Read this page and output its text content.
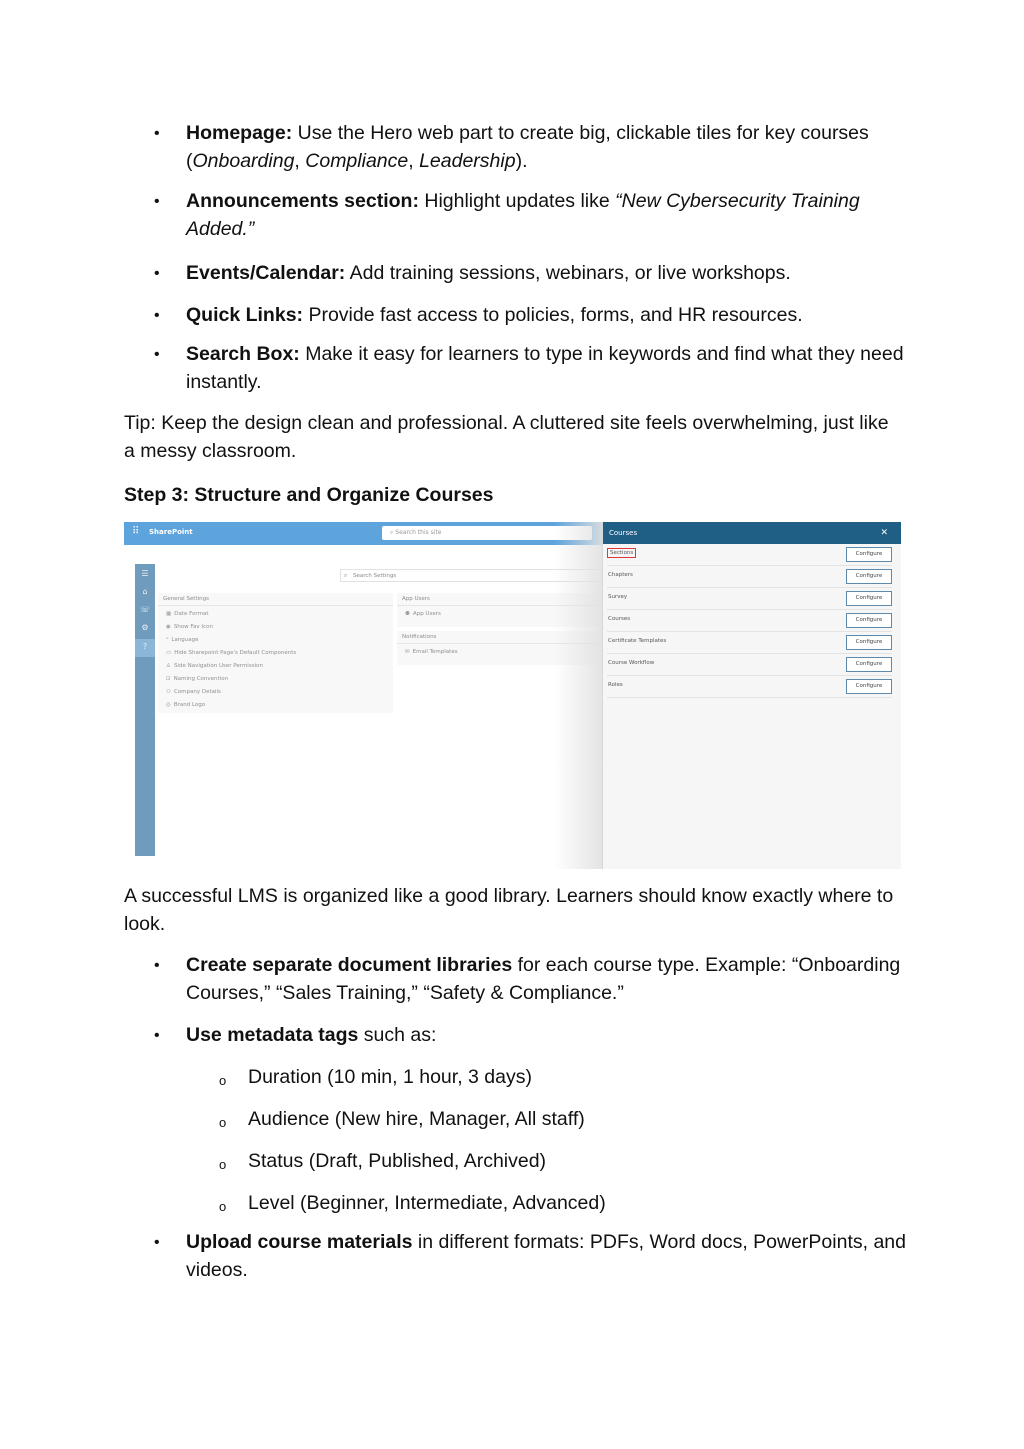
• Homepage: Use the Hero web part to create big, clickable tiles for key courses (Onboarding, Compliance, Leadership).
• Announcements section: Highlight updates like “New Cybersecurity Training Added.”
• Events/Calendar: Add training sessions, webinars, or live workshops.
• Quick Links: Provide fast access to policies, forms, and HR resources.
• Search Box: Make it easy for learners to type in keywords and find what they need instantly.
Tip: Keep the design clean and professional. A cluttered site feels overwhelming, just like a messy classroom.
Step 3: Structure and Organize Courses
⠿ SharePoint	⌕ Search this site
☰
⌂
☏
⚙
?
⌕ Search Settings
General Settings
▦ Date Format
◉ Show Fav Icon
ᴬ Language
▭ Hide Sharepoint Page's Default Components
♙ Side Navigation User Permission
⊡ Naming Convention
⚇ Company Details
◎ Brand Logo
App Users
⚉ App Users
Notifications
✉ Email Templates
Courses	✕
Sections	Configure
Chapters	Configure
Survey	Configure
Courses	Configure
Certificate Templates	Configure
Course Workflow	Configure
Roles	Configure
A successful LMS is organized like a good library. Learners should know exactly where to look.
• Create separate document libraries for each course type. Example: “Onboarding Courses,” “Sales Training,” “Safety & Compliance.”
• Use metadata tags such as:
o Duration (10 min, 1 hour, 3 days)
o Audience (New hire, Manager, All staff)
o Status (Draft, Published, Archived)
o Level (Beginner, Intermediate, Advanced)
• Upload course materials in different formats: PDFs, Word docs, PowerPoints, and videos.
